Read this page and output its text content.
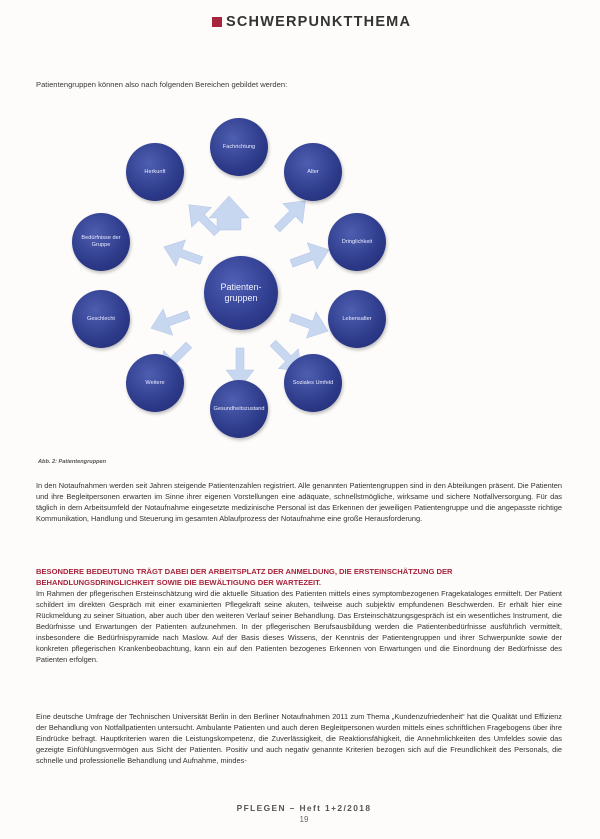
SCHWERPUNKTTHEMA
Patientengruppen können also nach folgenden Bereichen gebildet werden:
Patienten-gruppen
Fachrichtung
Alter
Dringlichkeit
Lebensalter
Soziales Umfeld
Gesundheitszustand
Weitere
Geschlecht
Bedürfnisse der Gruppe
Herkunft
Abb. 2: Patientengruppen
In den Notaufnahmen werden seit Jahren steigende Patientenzahlen registriert. Alle genannten Patientengruppen sind in den Abteilungen präsent. Die Patienten und ihre Begleitpersonen erwarten im Sinne ihrer eigenen Vorstellungen eine adäquate, schnellstmögliche, wirksame und sichere Notfallversorgung. Für das täglich in dem Arbeitsumfeld der Notaufnahme eingesetzte medizinische Personal ist das Erkennen der jeweiligen Patientengruppe und die angepasste richtige Kommunikation, Handlung und Steuerung im gesamten Ablaufprozess der Notaufnahme eine große Herausforderung.
BESONDERE BEDEUTUNG TRÄGT DABEI DER ARBEITSPLATZ DER ANMELDUNG, DIE ERSTEINSCHÄTZUNG DER BEHANDLUNGSDRINGLICHKEIT SOWIE DIE BEWÄLTIGUNG DER WARTEZEIT.
Im Rahmen der pflegerischen Ersteinschätzung wird die aktuelle Situation des Patienten mittels eines symptombezogenen Fragekataloges ermittelt. Der Patient schildert im direkten Gespräch mit einer examinierten Pflegekraft seine akuten, teilweise auch subjektiv empfundenen Beschwerden. Er erhält hier eine Rückmeldung zu seiner Situation, aber auch über den weiteren Verlauf seiner Behandlung. Das Ersteinschätzungsgespräch ist ein wesentliches Instrument, die Bedürfnisse und Erwartungen der Patienten aufzunehmen. In der pflegerischen Berufsausbildung werden die Patientenbedürfnisse ausführlich vermittelt, insbesondere die Bedürfnispyramide nach Maslow. Auf der Basis dieses Wissens, der Kenntnis der Patientengruppen und ihrer Schwerpunkte sowie der konkreten pflegerischen Krankenbeobachtung, kann ein auf den Patienten bezogenes Erkennen von Erwartungen und die Einordnung der Bedürfnisse des Patienten erfolgen.
Eine deutsche Umfrage der Technischen Universität Berlin in den Berliner Notaufnahmen 2011 zum Thema „Kundenzufriedenheit“ hat die Qualität und Effizienz der Behandlung von Notfallpatienten untersucht. Ambulante Patienten und auch deren Begleitpersonen wurden mittels eines schriftlichen Fragebogens über ihre Eindrücke befragt. Hauptkriterien waren die Leistungskompetenz, die Zuverlässigkeit, die Reaktionsfähigkeit, die Annehmlichkeiten des Umfeldes sowie das gezeigte Einfühlungsvermögen aus Sicht der Patienten. Positiv und auch negativ genannte Kriterien bezogen sich auf die Freundlichkeit des Personals, die schnelle und professionelle Behandlung und Aufnahme, mindes-
PFLEGEN – Heft 1+2/2018
19
